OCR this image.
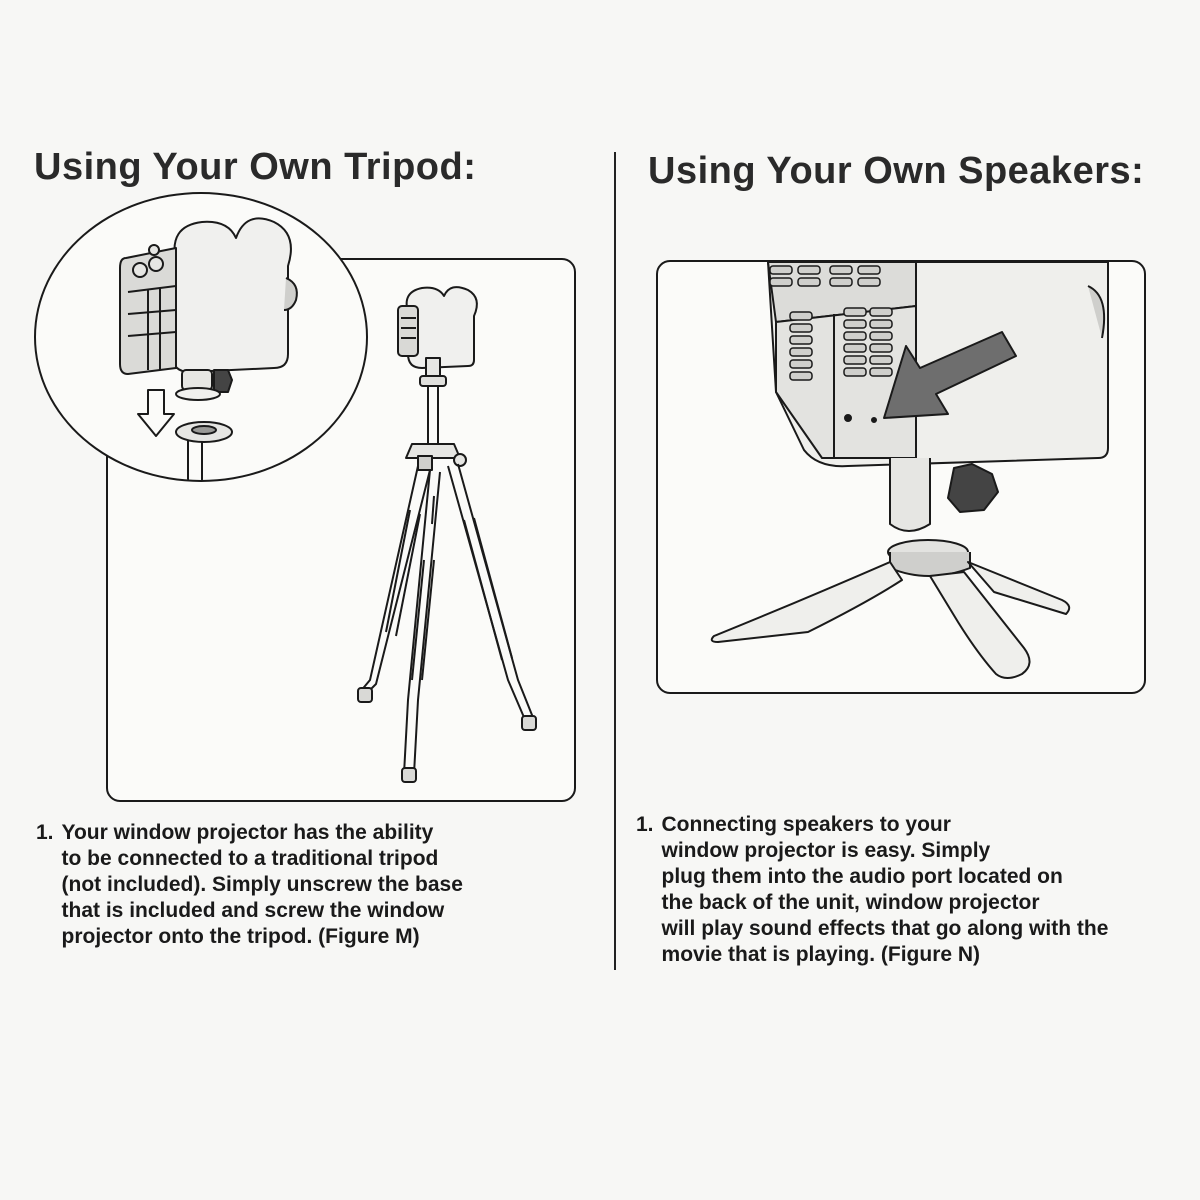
Using Your Own Tripod:	Using Your Own Speakers:
1. Your window projector has the ability
to be connected to a traditional tripod
(not included). Simply unscrew the base
that is included and screw the window
projector onto the tripod. (Figure M)
1. Connecting speakers to your
window projector is easy. Simply
plug them into the audio port located on
the back of the unit, window projector
will play sound effects that go along with the
movie that is playing. (Figure N)
